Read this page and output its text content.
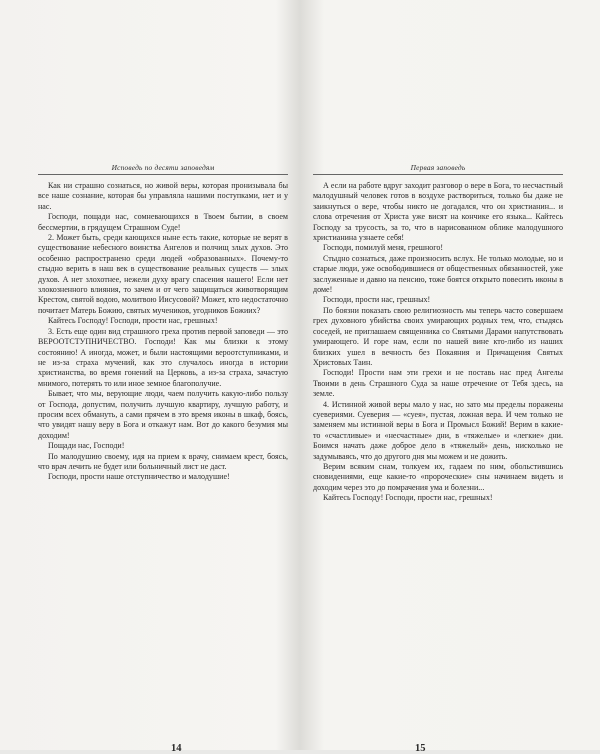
Исповедь по десяти заповедям

Как ни страшно сознаться, но живой веры, которая пронизывала бы все наше сознание, которая бы управляла нашими поступками, нет и у нас.

Господи, пощади нас, сомневающихся в Твоем бытии, в своем бессмертии, в грядущем Страшном Суде!

2. Может быть, среди кающихся ныне есть такие, которые не верят в существование небесного воинства Ангелов и полчищ злых духов. Это особенно распространено среди людей «образованных». Почему-то стыдно верить в наш век в существование реальных существ — злых духов. А нет злохотнее, нежели духу врагу спасения нашего! Если нет злокозненного влияния, то зачем и от чего защищаться животворящим Крестом, святой водою, молитвою Иисусовой? Может, кто недостаточно почитает Матерь Божию, святых мучеников, угодников Божиих?

Кайтесь Господу! Господи, прости нас, грешных!

3. Есть еще один вид страшного греха против первой заповеди — это ВЕРООТСТУПНИЧЕСТВО. Господи! Как мы близки к этому состоянию! А иногда, может, и были настоящими вероотступниками, и не из-за страха мучений, как это случалось иногда в истории христианства, во время гонений на Церковь, а из-за страха, зачастую мнимого, потерять то или иное земное благополучие.

Бывает, что мы, верующие люди, чаем получить какую-либо пользу от Господа, допустим, получить лучшую квартиру, лучшую работу, и просим всех обмануть, а сами прячем в это время иконы в шкаф, боясь, что увидят нашу веру в Бога и откажут нам. Вот до какого безумия мы доходим!

Пощади нас, Господи!

По малодушию своему, идя на прием к врачу, снимаем крест, боясь, что врач лечить не будет или больничный лист не даст.

Господи, прости наше отступничество и малодушие!

14
Первая заповедь

А если на работе вдруг заходит разговор о вере в Бога, то несчастный малодушный человек готов в воздухе раствориться, только бы даже не заикнуться о вере, чтобы никто не догадался, что он христианин... и слова отречения от Христа уже висят на кончике его языка... Кайтесь Господу за трусость, за то, что в нарисованном облике малодушного христианина узнаете себя!

Господи, помилуй меня, грешного!

Стыдно сознаться, даже произносить вслух. Не только молодые, но и старые люди, уже освободившиеся от общественных обязанностей, уже заслуженные и давно на пенсию, тоже боятся открыто повесить иконы в доме!

Господи, прости нас, грешных!

По боязни показать свою религиозность мы теперь часто совершаем грех духовного убийства своих умирающих родных тем, что, стыдясь соседей, не приглашаем священника со Святыми Дарами напутствовать умирающего. И горе нам, если по нашей вине кто-либо из наших близких ушел в вечность без Покаяния и Причащения Святых Христовых Таин.

Господи! Прости нам эти грехи и не поставь нас пред Ангелы Твоими в день Страшного Суда за наше отречение от Тебя здесь, на земле.

4. Истинной живой веры мало у нас, но зато мы пределы поражены суевериями. Суеверия — «суея», пустая, ложная вера. И чем только не заменяем мы истинной веры в Бога и Промысл Божий! Верим в какие-то «счастливые» и «несчастные» дни, в «тяжелые» и «легкие» дни. Боимся начать даже доброе дело в «тяжелый» день, нисколько не задумываясь, что до другого дня мы можем и не дожить.

Верим всяким снам, толкуем их, гадаем по ним, обольстившись сновидениями, еще какие-то «пророческие» сны начинаем видеть и доходим через это до помрачения ума и болезни...

Кайтесь Господу! Господи, прости нас, грешных!

15
